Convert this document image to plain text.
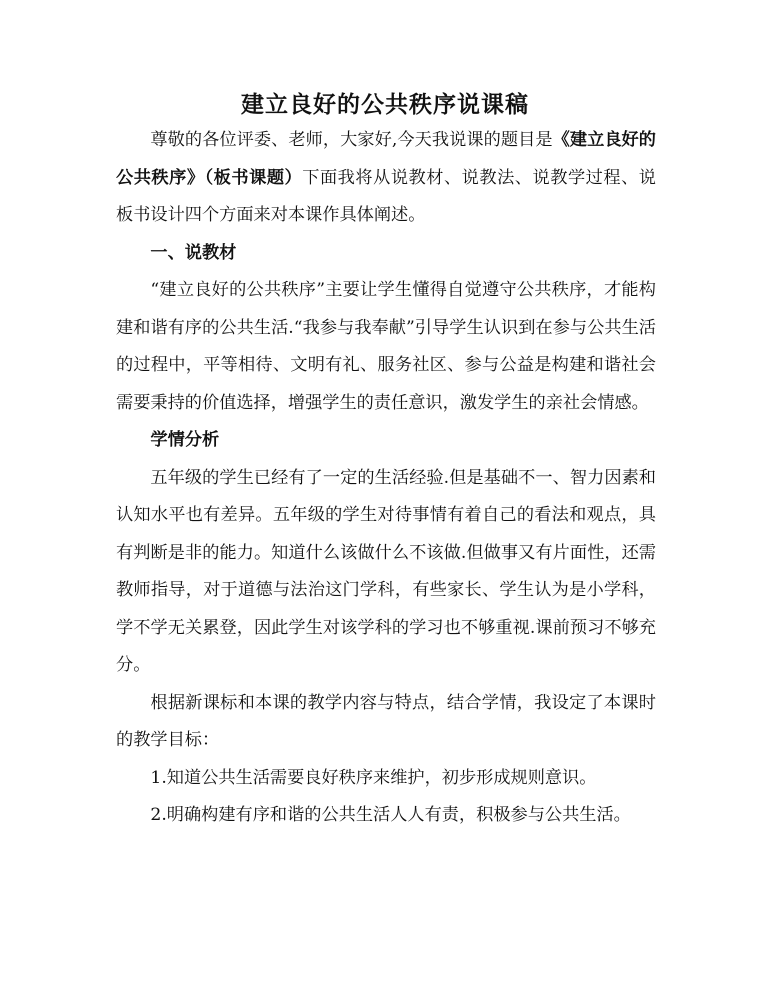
建立良好的公共秩序说课稿

尊敬的各位评委、老师，大家好,今天我说课的题目是《建立良好的公共秩序》（板书课题）下面我将从说教材、说教法、说教学过程、说板书设计四个方面来对本课作具体阐述。

一、说教材

“建立良好的公共秩序”主要让学生懂得自觉遵守公共秩序，才能构建和谐有序的公共生活.“我参与我奉献”引导学生认识到在参与公共生活的过程中，平等相待、文明有礼、服务社区、参与公益是构建和谐社会需要秉持的价值选择，增强学生的责任意识，激发学生的亲社会情感。

学情分析

五年级的学生已经有了一定的生活经验.但是基础不一、智力因素和认知水平也有差异。五年级的学生对待事情有着自己的看法和观点，具有判断是非的能力。知道什么该做什么不该做.但做事又有片面性，还需教师指导，对于道德与法治这门学科，有些家长、学生认为是小学科，学不学无关累登，因此学生对该学科的学习也不够重视.课前预习不够充分。

根据新课标和本课的教学内容与特点，结合学情，我设定了本课时的教学目标：

1.知道公共生活需要良好秩序来维护，初步形成规则意识。

2.明确构建有序和谐的公共生活人人有责，积极参与公共生活。
